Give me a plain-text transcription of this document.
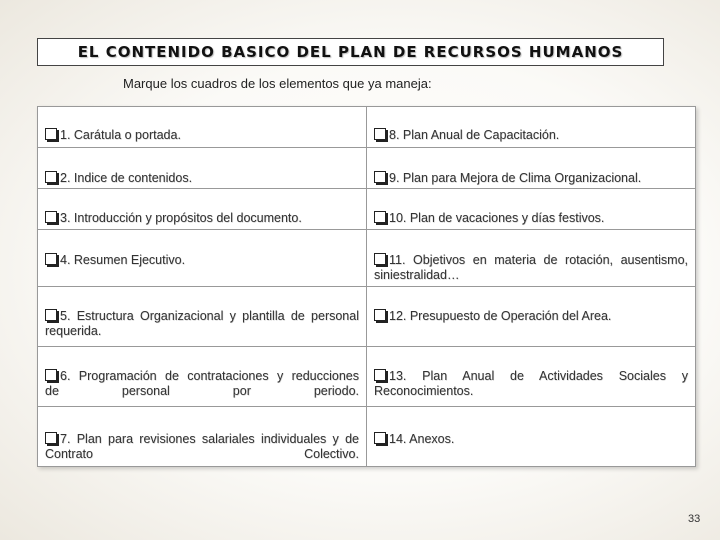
EL CONTENIDO BASICO DEL PLAN DE RECURSOS HUMANOS
Marque los cuadros de los elementos que ya maneja:
1. Carátula o portada.	8. Plan Anual de Capacitación.
2. Indice de contenidos.	9. Plan para Mejora de Clima Organizacional.
3. Introducción y propósitos del documento.	10. Plan de vacaciones y días festivos.
4. Resumen Ejecutivo.	11. Objetivos en materia de rotación, ausentismo,
siniestralidad…

5. Estructura Organizacional y plantilla de personal
requerida.	12. Presupuesto de Operación del Area.
6. Programación de contrataciones y reducciones
de personal por periodo.	13. Plan Anual de Actividades Sociales y
Reconocimientos.

7. Plan para revisiones salariales individuales y de
Contrato Colectivo.	14. Anexos.
33
